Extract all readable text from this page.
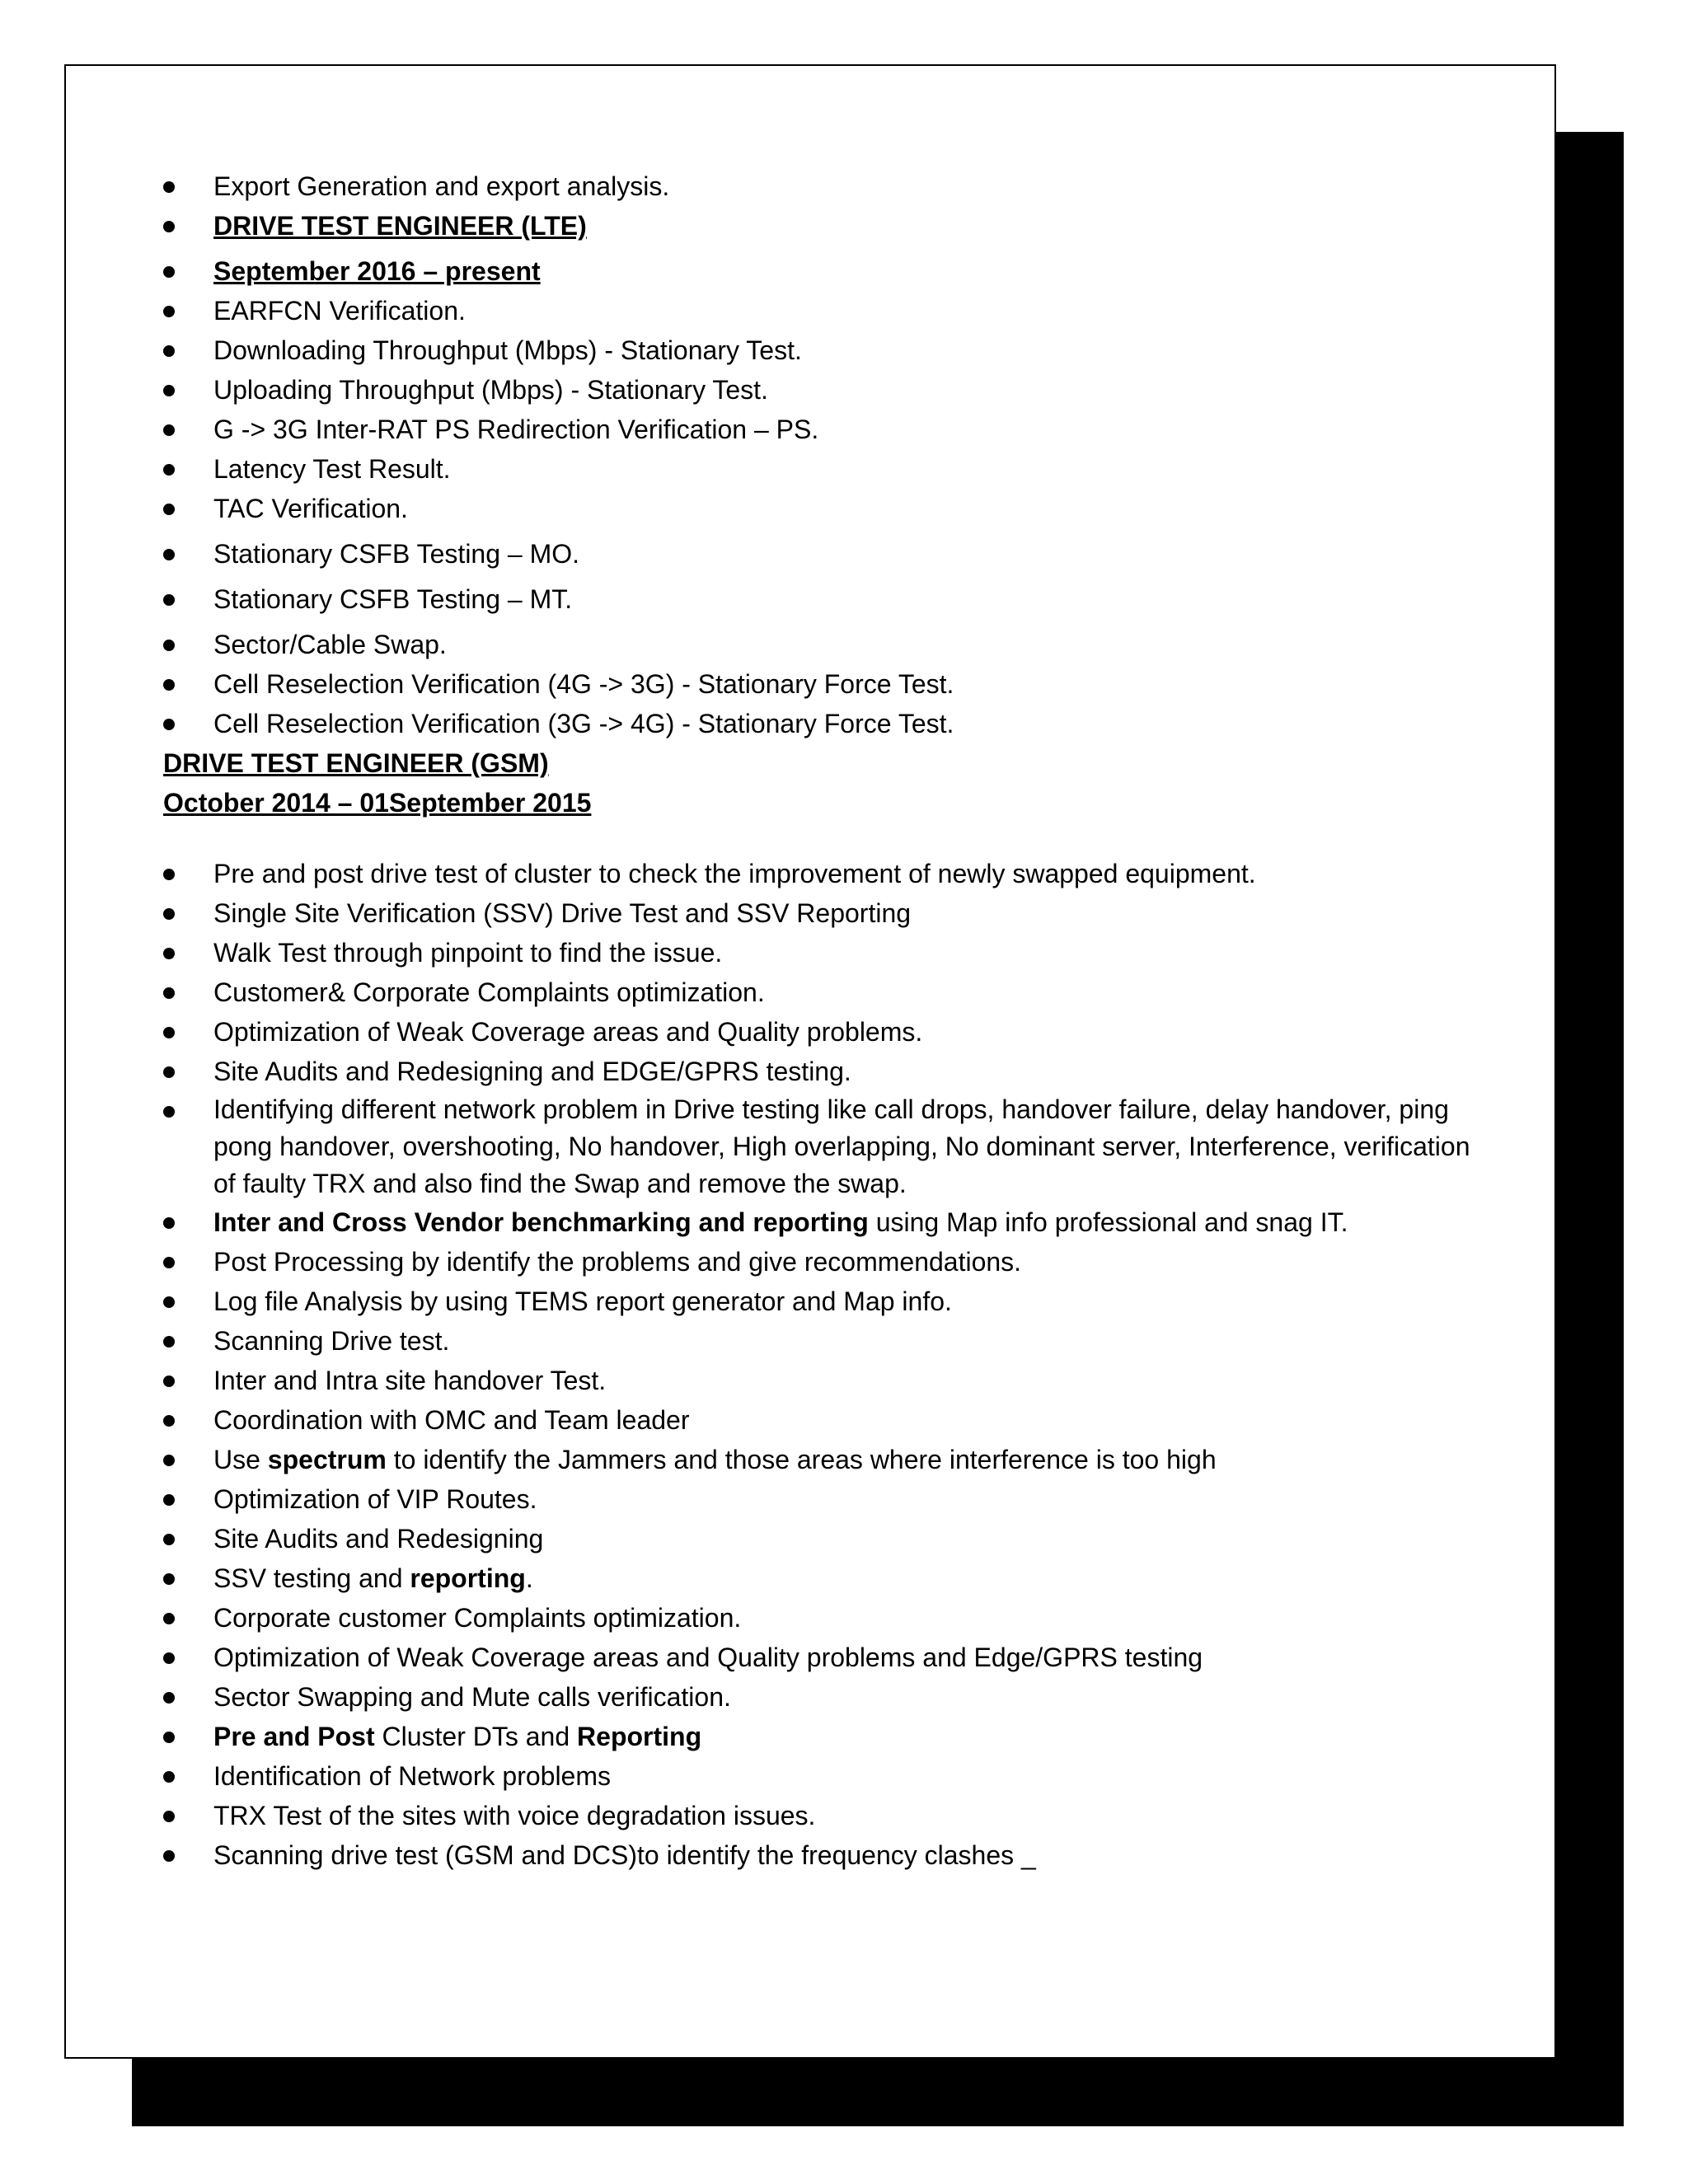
Export Generation and export analysis.
DRIVE TEST ENGINEER (LTE)
September 2016 – present
EARFCN Verification.
Downloading Throughput (Mbps) - Stationary Test.
Uploading Throughput (Mbps) - Stationary Test.
G -> 3G Inter-RAT PS Redirection Verification – PS.
Latency Test Result.
TAC Verification.
Stationary CSFB Testing – MO.
Stationary CSFB Testing – MT.
Sector/Cable Swap.
Cell Reselection Verification (4G -> 3G) - Stationary Force Test.
Cell Reselection Verification (3G -> 4G) - Stationary Force Test.
DRIVE TEST ENGINEER (GSM)
October 2014 – 01September 2015
Pre and post drive test of cluster to check the improvement of newly swapped equipment.
Single Site Verification (SSV) Drive Test and SSV Reporting
Walk Test through pinpoint to find the issue.
Customer& Corporate Complaints optimization.
Optimization of Weak Coverage areas and Quality problems.
Site Audits and Redesigning and EDGE/GPRS testing.
Identifying different network problem in Drive testing like call drops, handover failure, delay handover, ping pong handover, overshooting, No handover, High overlapping, No dominant server, Interference, verification of faulty TRX and also find the Swap and remove the swap.
Inter and Cross Vendor benchmarking and reporting using Map info professional and snag IT.
Post Processing by identify the problems and give recommendations.
Log file Analysis by using TEMS report generator and Map info.
Scanning Drive test.
Inter and Intra site handover Test.
Coordination with OMC and Team leader
Use spectrum to identify the Jammers and those areas where interference is too high
Optimization of VIP Routes.
Site Audits and Redesigning
SSV testing and reporting.
Corporate customer Complaints optimization.
Optimization of Weak Coverage areas and Quality problems and Edge/GPRS testing
Sector Swapping and Mute calls verification.
Pre and Post Cluster DTs and Reporting
Identification of Network problems
TRX Test of the sites with voice degradation issues.
Scanning drive test (GSM and DCS)to identify the frequency clashes _
